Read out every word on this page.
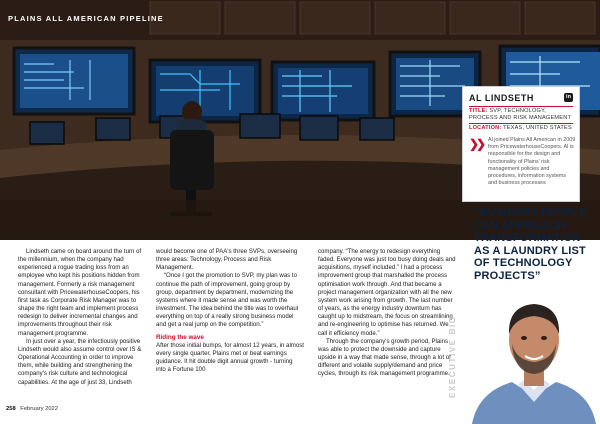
PLAINS ALL AMERICAN PIPELINE
AL LINDSETH	in
TITLE: SVP, TECHNOLOGY, PROCESS AND RISK MANAGEMENT
LOCATION: TEXAS, UNITED STATES
❯❯ Al joined Plains All American in 2009 from PricewaterhouseCoopers. Al is responsible for the design and functionality of Plains' risk management policies and procedures, information systems and business processes
“BUSINESS PEOPLE CAN APPROACH TRANSFORMATION AS A LAUNDRY LIST OF TECHNOLOGY PROJECTS”

Lindseth came on board around the turn of the millennium, when the company had experienced a rogue trading loss from an employee who kept his positions hidden from management. Formerly a risk management consultant with PricewaterhouseCoopers, his first task as Corporate Risk Manager was to shape the right team and implement process redesign to deliver incremental changes and improvements throughout their risk management programme.

In just over a year, the infectiously positive Lindseth would also assume control over IS & Operational Accounting in order to improve them, while building and strengthening the company's risk culture and technological capabilities. At the age of just 33, Lindseth

would become one of PAA's three SVPs, overseeing three areas: Technology, Process and Risk Management.

“Once I got the promotion to SVP, my plan was to continue the path of improvement, going group by group, department by department, modernizing the systems where it made sense and was worth the investment. The idea behind the title was to overhaul everything on top of a really strong business model and get a real jump on the competition.”

Riding the wave

After those initial bumps, for almost 12 years, in almost every single quarter, Plains met or beat earnings guidance. It hit double digit annual growth - turning into a Fortune 100

company. “The energy to redesign everything faded. Everyone was just too busy doing deals and acquisitions, myself included.” I had a process improvement group that marshalled the process optimisation work through. And that became a project management organization with all the new system work arising from growth. The last number of years, as the energy industry downturn has caught up to midstream, the focus on streamlining and re-engineering to optimise has returned. We call it efficiency mode.”

Through the company's growth period, Plains was able to protect the downside and capture upside in a way that made sense, through a lot of different and volatile supply/demand and price cycles, through its risk management programme.

258 February 2022
EXECUTIVE BIO
